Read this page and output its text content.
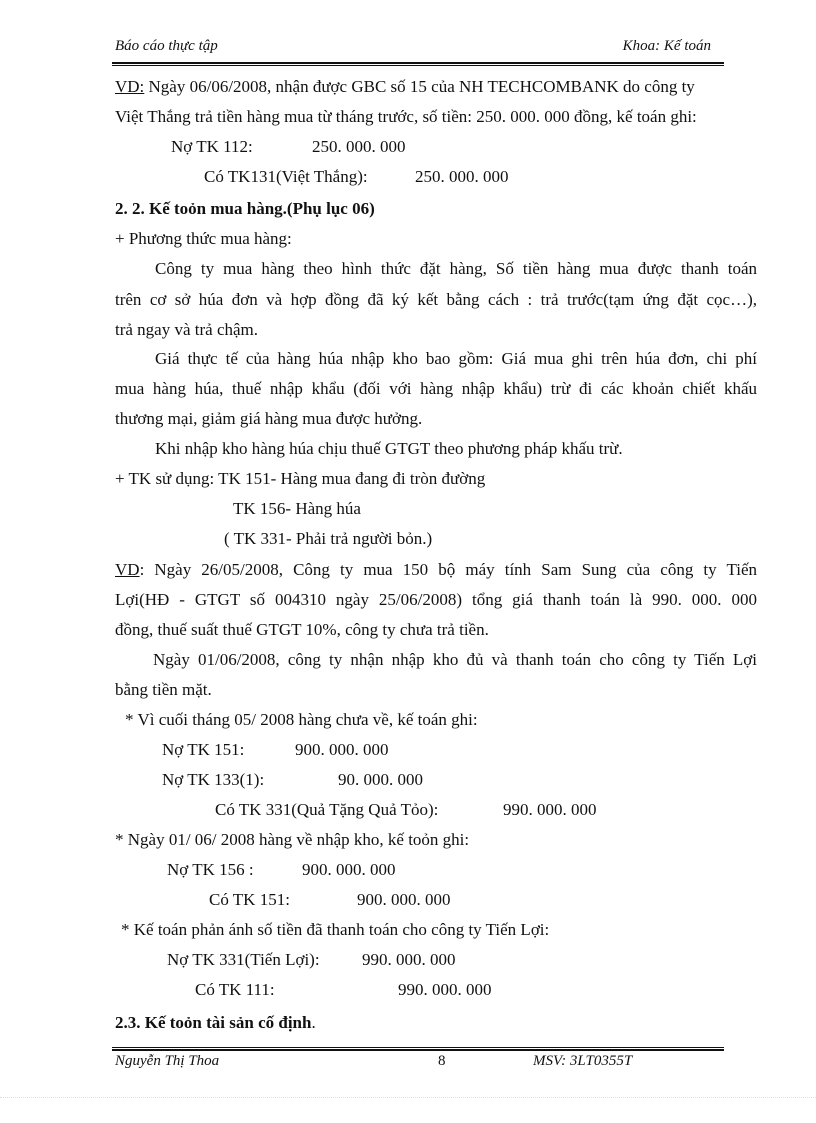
Báo cáo thực tập	Khoa: Kế toán
VD: Ngày 06/06/2008, nhận được GBC số 15 của NH TECHCOMBANK do công ty
Việt Thắng trả tiền hàng mua từ tháng trước, số tiền: 250. 000. 000 đồng, kế toán ghi:
Nợ TK 112:	250. 000. 000
Có TK131(Việt Thắng):	250. 000. 000
2. 2. Kế toỏn mua hàng.(Phụ lục 06)
+ Phương thức mua hàng:
Công ty mua hàng theo hình thức đặt hàng, Số tiền hàng mua được thanh toán
trên cơ sở húa đơn và hợp đồng đã ký kết bằng cách : trả trước(tạm ứng đặt cọc…),
trả ngay và trả chậm.
Giá thực tế của hàng húa nhập kho bao gồm: Giá mua ghi trên húa đơn, chi phí
mua hàng húa, thuế nhập khẩu (đối với hàng nhập khẩu) trừ đi các khoản chiết khấu
thương mại, giảm giá hàng mua được hưởng.
Khi nhập kho hàng húa chịu thuế GTGT theo phương pháp khấu trừ.
+ TK sử dụng: TK 151- Hàng mua đang đi tròn đường
TK 156- Hàng húa
( TK 331- Phải trả người bỏn.)
VD: Ngày 26/05/2008, Công ty mua 150 bộ máy tính Sam Sung của công ty Tiến
Lợi(HĐ - GTGT số 004310 ngày 25/06/2008) tổng giá thanh toán là 990. 000. 000
đồng, thuế suất thuế GTGT 10%, công ty chưa trả tiền.
Ngày 01/06/2008, công ty nhận nhập kho đủ và thanh toán cho công ty Tiến Lợi
bằng tiền mặt.
* Vì cuối tháng 05/ 2008 hàng chưa về, kế toán ghi:
Nợ TK 151:	900. 000. 000
Nợ TK 133(1):	90. 000. 000
Có TK 331(Quả Tặng Quả Tỏo):	990. 000. 000
* Ngày 01/ 06/ 2008 hàng về nhập kho, kế toỏn ghi:
Nợ TK 156 :	900. 000. 000
Có TK 151:	900. 000. 000
* Kế toán phản ánh số tiền đã thanh toán cho công ty Tiến Lợi:
Nợ TK 331(Tiến Lợi): 990. 000. 000
Có TK 111:	990. 000. 000
2.3. Kế toỏn tài sản cố định.
Nguyễn Thị Thoa	8	MSV: 3LT0355T
